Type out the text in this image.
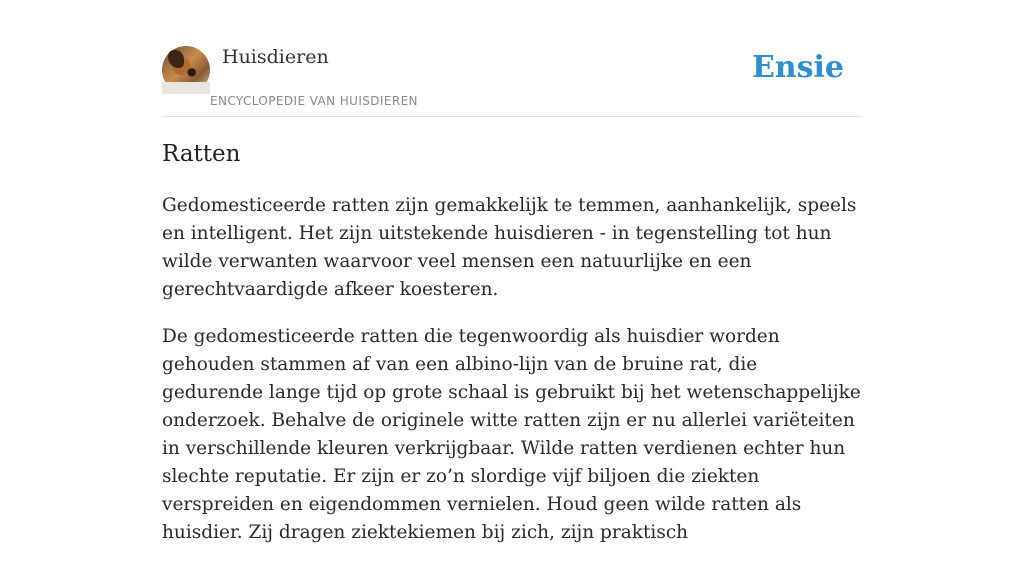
Huisdieren
ENCYCLOPEDIE VAN HUISDIEREN
Ensie
Ratten

Gedomesticeerde ratten zijn gemakkelijk te temmen, aanhankelijk, speels en intelligent. Het zijn uitstekende huisdieren - in tegenstelling tot hun wilde verwanten waarvoor veel mensen een natuurlijke en een gerechtvaardigde afkeer koesteren.

De gedomesticeerde ratten die tegenwoordig als huisdier worden gehouden stammen af van een albino-lijn van de bruine rat, die gedurende lange tijd op grote schaal is gebruikt bij het wetenschappelijke onderzoek. Behalve de originele witte ratten zijn er nu allerlei variëteiten in verschillende kleuren verkrijgbaar. Wilde ratten verdienen echter hun slechte reputatie. Er zijn er zo’n slordige vijf biljoen die ziekten verspreiden en eigendommen vernielen. Houd geen wilde ratten als huisdier. Zij dragen ziektekiemen bij zich, zijn praktisch
